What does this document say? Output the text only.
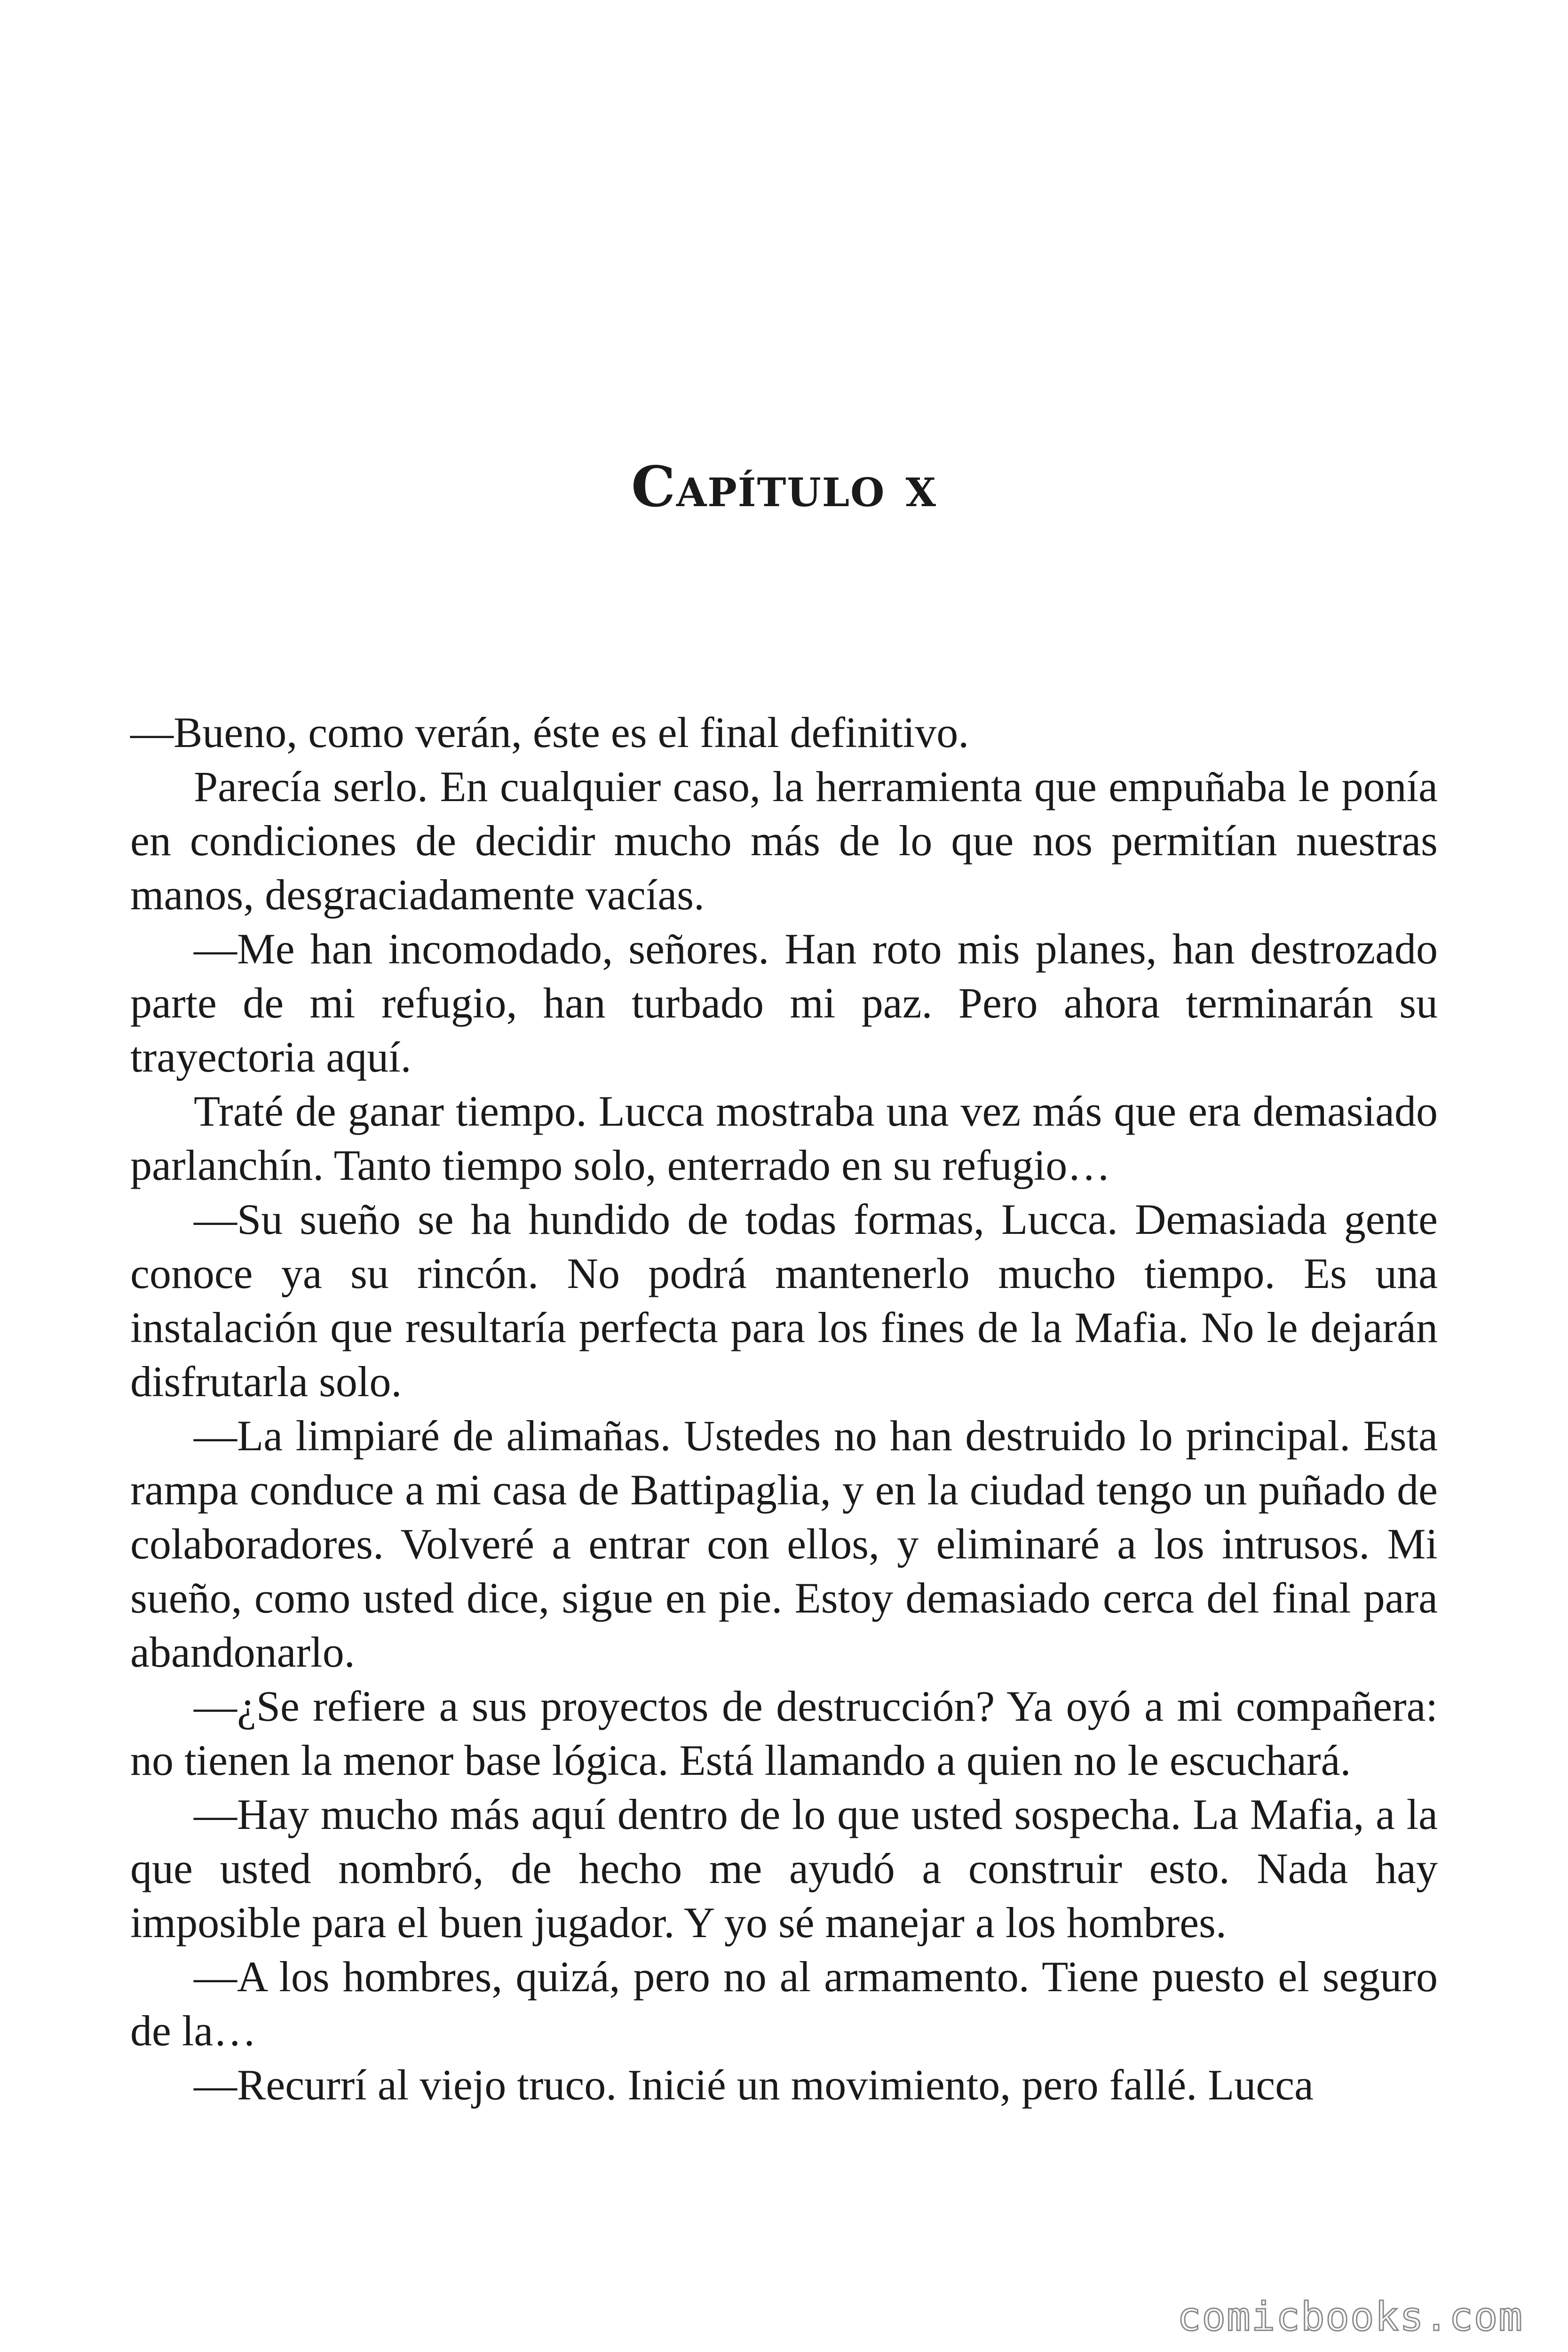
Capítulo x

—Bueno, como verán, éste es el final definitivo.

Parecía serlo. En cualquier caso, la herramienta que empuñaba le ponía en condiciones de decidir mucho más de lo que nos permitían nuestras manos, desgraciadamente vacías.

—Me han incomodado, señores. Han roto mis planes, han destrozado parte de mi refugio, han turbado mi paz. Pero ahora terminarán su trayectoria aquí.

Traté de ganar tiempo. Lucca mostraba una vez más que era demasiado parlanchín. Tanto tiempo solo, enterrado en su refugio…

—Su sueño se ha hundido de todas formas, Lucca. Demasiada gente conoce ya su rincón. No podrá mantenerlo mucho tiempo. Es una instalación que resultaría perfecta para los fines de la Mafia. No le dejarán disfrutarla solo.

—La limpiaré de alimañas. Ustedes no han destruido lo principal. Esta rampa conduce a mi casa de Battipaglia, y en la ciudad tengo un puñado de colaboradores. Volveré a entrar con ellos, y eliminaré a los intrusos. Mi sueño, como usted dice, sigue en pie. Estoy demasiado cerca del final para abandonarlo.

—¿Se refiere a sus proyectos de destrucción? Ya oyó a mi compañera: no tienen la menor base lógica. Está llamando a quien no le escuchará.

—Hay mucho más aquí dentro de lo que usted sospecha. La Mafia, a la que usted nombró, de hecho me ayudó a construir esto. Nada hay imposible para el buen jugador. Y yo sé manejar a los hombres.

—A los hombres, quizá, pero no al armamento. Tiene puesto el seguro de la…

—Recurrí al viejo truco. Inicié un movimiento, pero fallé. Lucca

comicbooks.com
